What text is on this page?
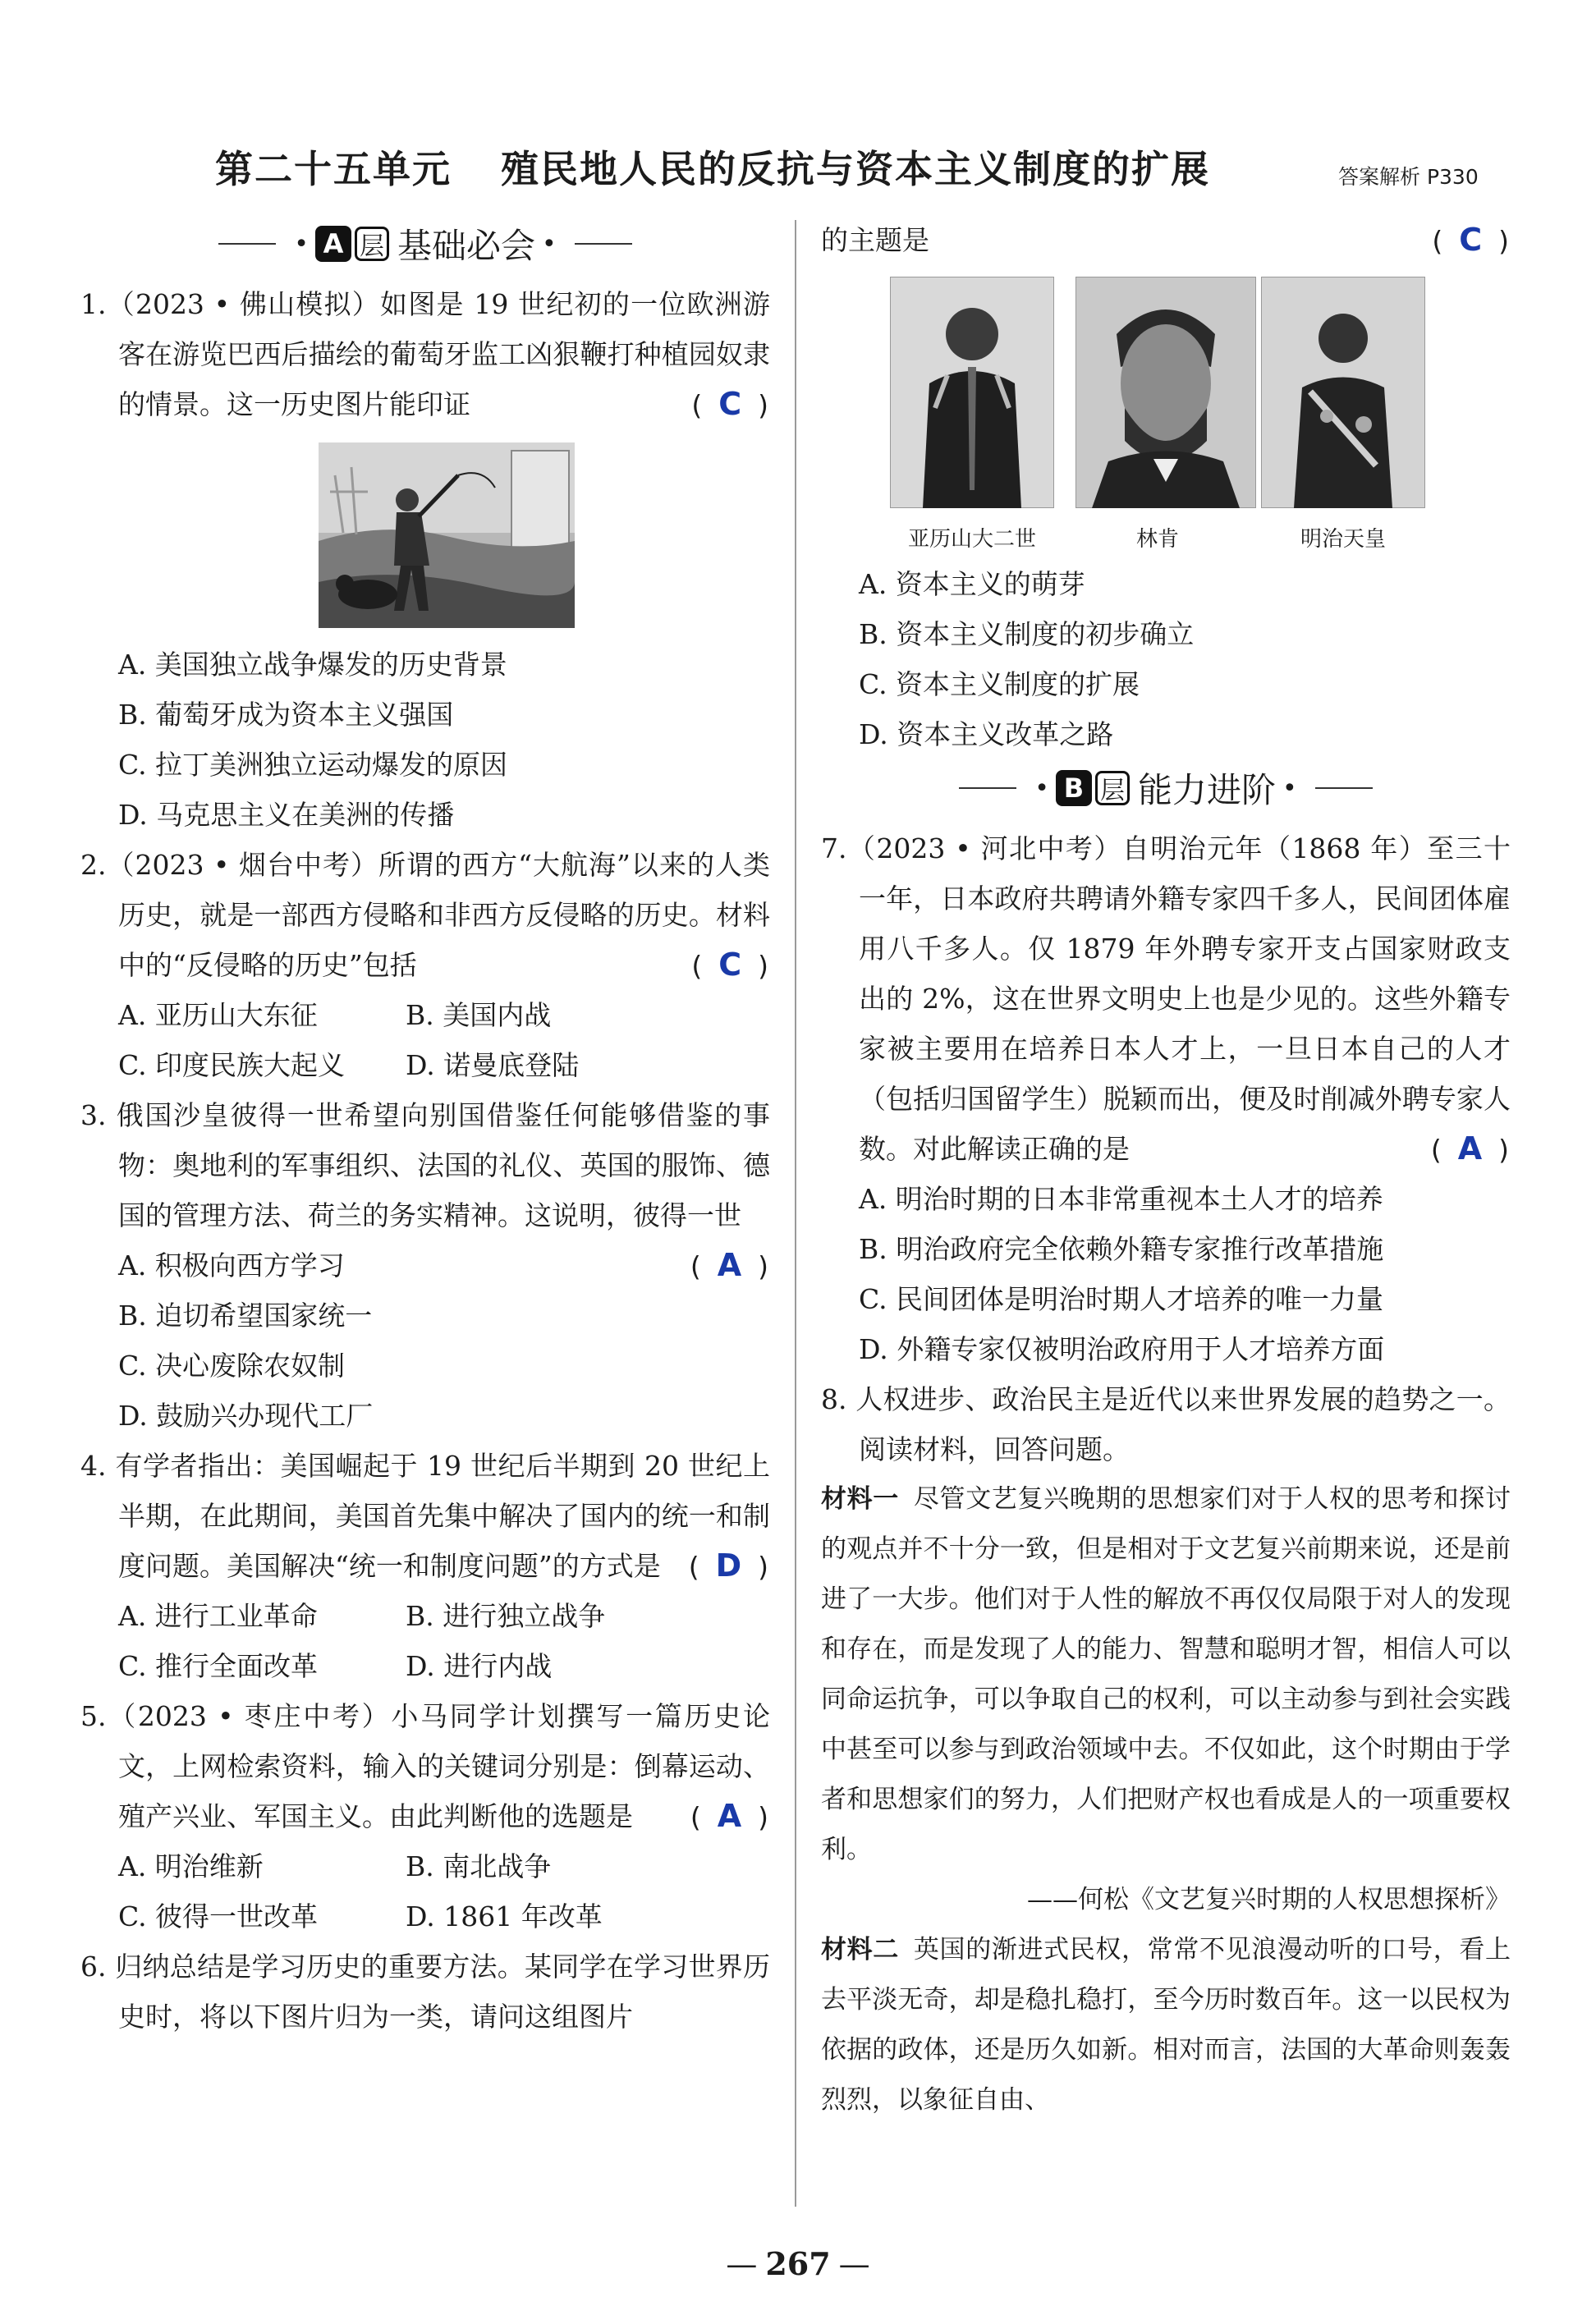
第二十五单元 殖民地人民的反抗与资本主义制度的扩展	答案解析 P330
• A 层 基础必会 •
1.（2023 • 佛山模拟）如图是 19 世纪初的一位欧洲游客在游览巴西后描绘的葡萄牙监工凶狠鞭打种植园奴隶的情景。这一历史图片能印证	( C )
A. 美国独立战争爆发的历史背景
B. 葡萄牙成为资本主义强国
C. 拉丁美洲独立运动爆发的原因
D. 马克思主义在美洲的传播
2.（2023 • 烟台中考）所谓的西方“大航海”以来的人类历史，就是一部西方侵略和非西方反侵略的历史。材料中的“反侵略的历史”包括	( C )
A. 亚历山大东征	B. 美国内战
C. 印度民族大起义	D. 诺曼底登陆
3. 俄国沙皇彼得一世希望向别国借鉴任何能够借鉴的事物：奥地利的军事组织、法国的礼仪、英国的服饰、德国的管理方法、荷兰的务实精神。这说明，彼得一世
( A )
A. 积极向西方学习
B. 迫切希望国家统一
C. 决心废除农奴制
D. 鼓励兴办现代工厂
4. 有学者指出：美国崛起于 19 世纪后半期到 20 世纪上半期，在此期间，美国首先集中解决了国内的统一和制度问题。美国解决“统一和制度问题”的方式是 ( D )
A. 进行工业革命	B. 进行独立战争
C. 推行全面改革	D. 进行内战
5.（2023 • 枣庄中考）小马同学计划撰写一篇历史论文，上网检索资料，输入的关键词分别是：倒幕运动、殖产兴业、军国主义。由此判断他的选题是 ( A )
A. 明治维新	B. 南北战争
C. 彼得一世改革	D. 1861 年改革
6. 归纳总结是学习历史的重要方法。某同学在学习世界历史时，将以下图片归为一类，请问这组图片
的主题是	( C )
亚历山大二世	林肯	明治天皇
A. 资本主义的萌芽
B. 资本主义制度的初步确立
C. 资本主义制度的扩展
D. 资本主义改革之路
• B 层 能力进阶 •
7.（2023 • 河北中考）自明治元年（1868 年）至三十一年，日本政府共聘请外籍专家四千多人，民间团体雇用八千多人。仅 1879 年外聘专家开支占国家财政支出的 2%，这在世界文明史上也是少见的。这些外籍专家被主要用在培养日本人才上，一旦日本自己的人才（包括归国留学生）脱颖而出，便及时削减外聘专家人数。对此解读正确的是	( A )
A. 明治时期的日本非常重视本土人才的培养
B. 明治政府完全依赖外籍专家推行改革措施
C. 民间团体是明治时期人才培养的唯一力量
D. 外籍专家仅被明治政府用于人才培养方面
8. 人权进步、政治民主是近代以来世界发展的趋势之一。阅读材料，回答问题。
材料一 尽管文艺复兴晚期的思想家们对于人权的思考和探讨的观点并不十分一致，但是相对于文艺复兴前期来说，还是前进了一大步。他们对于人性的解放不再仅仅局限于对人的发现和存在，而是发现了人的能力、智慧和聪明才智，相信人可以同命运抗争，可以争取自己的权利，可以主动参与到社会实践中甚至可以参与到政治领域中去。不仅如此，这个时期由于学者和思想家们的努力，人们把财产权也看成是人的一项重要权利。
——何松《文艺复兴时期的人权思想探析》
材料二 英国的渐进式民权，常常不见浪漫动听的口号，看上去平淡无奇，却是稳扎稳打，至今历时数百年。这一以民权为依据的政体，还是历久如新。相对而言，法国的大革命则轰轰烈烈，以象征自由、
— 267 —
